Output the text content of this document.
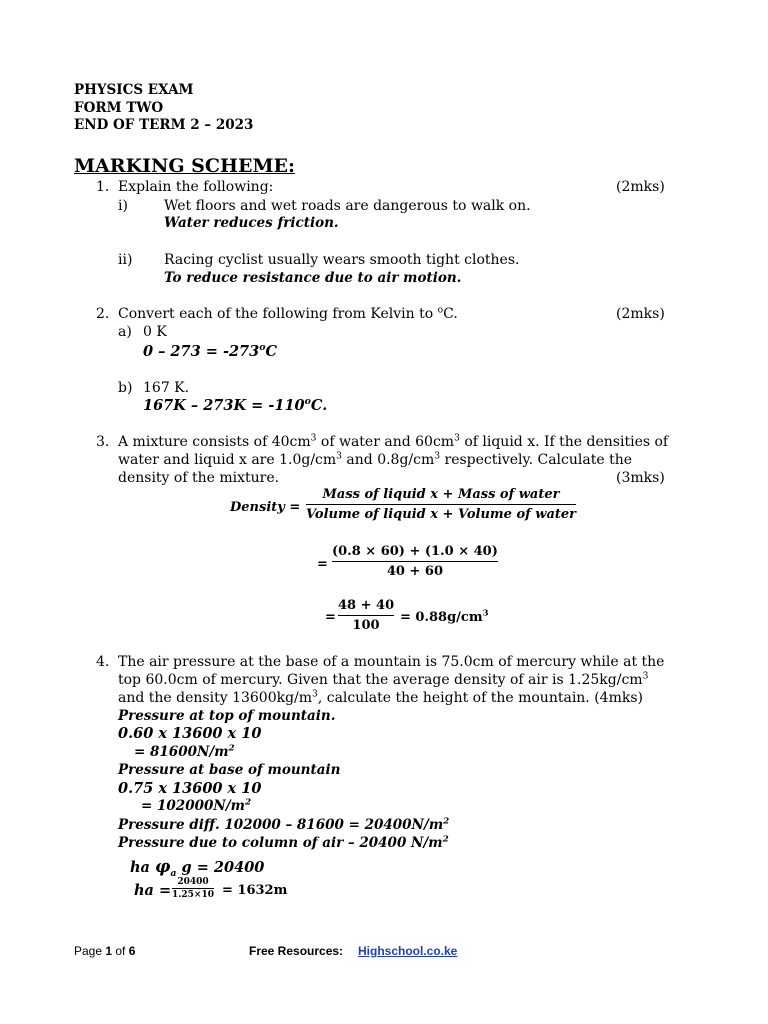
PHYSICS EXAM
FORM TWO
END OF TERM 2 – 2023
MARKING SCHEME:
1. Explain the following:	(2mks)
i)	Wet floors and wet roads are dangerous to walk on.
Water reduces friction.
ii) Racing cyclist usually wears smooth tight clothes.
To reduce resistance due to air motion.
2. Convert each of the following from Kelvin to $^o$C.	(2mks)
a) 0 K
$0 - 273 = -273^oC$
b) 167 K.
$167K - 273K = -110^oC$.
3. A mixture consists of $40cm^3$ of water and $60cm^3$ of liquid x. If the densities of
water and liquid x are $1.0g/cm^3$ and $0.8g/cm^3$ respectively. Calculate the
density of the mixture.	(3mks)
Density =
Mass of liquid x + Mass of water
Volume of liquid x + Volume of water
=
(0.8 × 60) + (1.0 × 40)
40 + 60
=
48 + 40
100
= $0.88g/cm^3$
4. The air pressure at the base of a mountain is 75.0cm of mercury while at the
top 60.0cm of mercury. Given that the average density of air is $1.25kg/cm^3$
and the density $13600kg/m^3$, calculate the height of the mountain. (4mks)
Pressure at top of mountain.
0.60 x 13600 x 10
= $81600N/m^2$
Pressure at base of mountain
0.75 x 13600 x 10
= $102000N/m^2$
Pressure diff. $102000 - 81600 = 20400N/m^2$
Pressure due to column of air – 20400 $N/m^2$
ha $\varphi_a$ g = 20400
ha = 20400
1.25×10 = 1632m
Page 1 of 6	Free Resources: Highschool.co.ke
